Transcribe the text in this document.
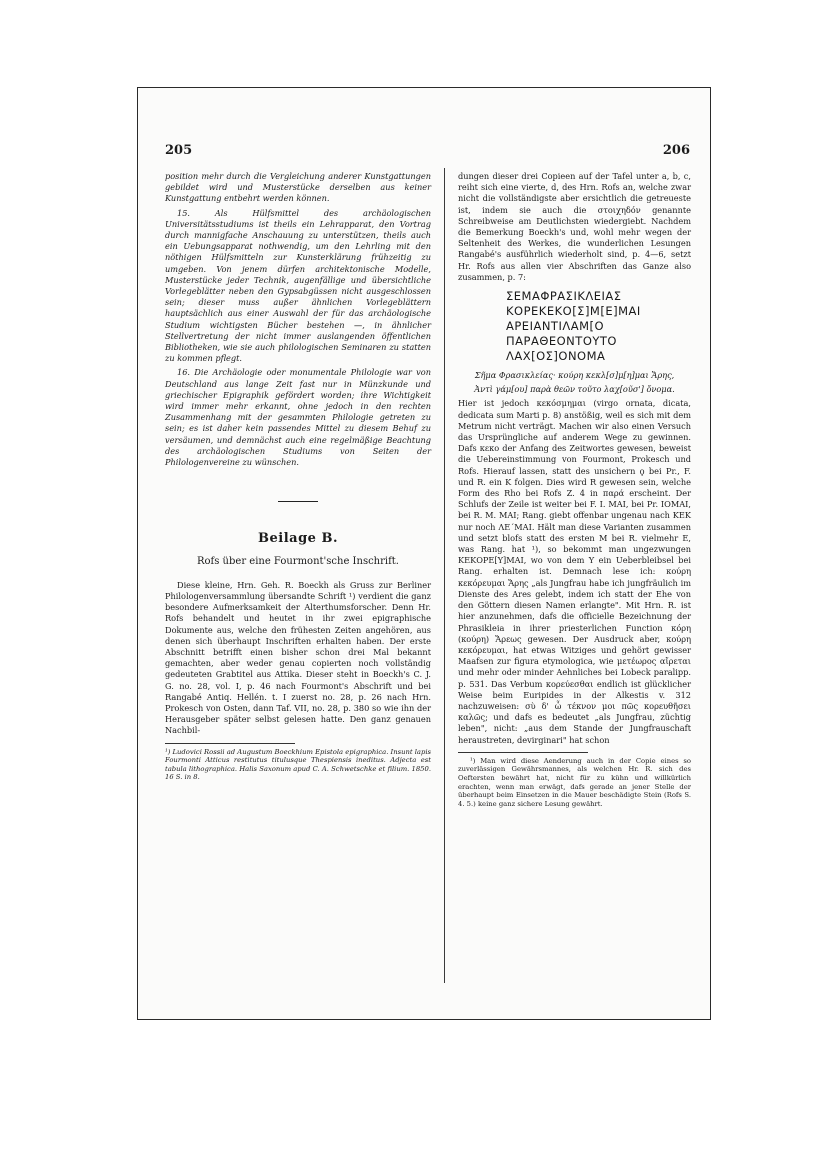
205	206

position mehr durch die Vergleichung anderer Kunstgattungen gebildet wird und Musterstücke derselben aus keiner Kunstgattung entbehrt werden können.

15. Als Hülfsmittel des archäologischen Universitätsstudiums ist theils ein Lehrapparat, den Vortrag durch mannigfache Anschauung zu unterstützen, theils auch ein Uebungsapparat nothwendig, um den Lehrling mit den nöthigen Hülfsmitteln zur Kunsterklärung frühzeitig zu umgeben. Von jenem dürfen architektonische Modelle, Musterstücke jeder Technik, augenfällige und übersichtliche Vorlegeblätter neben den Gypsabgüssen nicht ausgeschlossen sein; dieser muss außer ähnlichen Vorlegeblättern hauptsächlich aus einer Auswahl der für das archäologische Studium wichtigsten Bücher bestehen —, in ähnlicher Stellvertretung der nicht immer auslangenden öffentlichen Bibliotheken, wie sie auch philologischen Seminaren zu statten zu kommen pflegt.

16. Die Archäologie oder monumentale Philologie war von Deutschland aus lange Zeit fast nur in Münzkunde und griechischer Epigraphik gefördert worden; ihre Wichtigkeit wird immer mehr erkannt, ohne jedoch in den rechten Zusammenhang mit der gesammten Philologie getreten zu sein; es ist daher kein passendes Mittel zu diesem Behuf zu versäumen, und demnächst auch eine regelmäßige Beachtung des archäologischen Studiums von Seiten der Philologenvereine zu wünschen.

Beilage B.
Rofs über eine Fourmont'sche Inschrift.

Diese kleine, Hrn. Geh. R. Boeckh als Gruss zur Berliner Philologenversammlung übersandte Schrift ¹) verdient die ganz besondere Aufmerksamkeit der Alterthumsforscher. Denn Hr. Rofs behandelt und heutet in ihr zwei epigraphische Dokumente aus, welche den frühesten Zeiten angehören, aus denen sich überhaupt Inschriften erhalten haben. Der erste Abschnitt betrifft einen bisher schon drei Mal bekannt gemachten, aber weder genau copierten noch vollständig gedeuteten Grabtitel aus Attika. Dieser steht in Boeckh's C. J. G. no. 28, vol. I, p. 46 nach Fourmont's Abschrift und bei Rangabé Antiq. Hellén. t. I zuerst no. 28, p. 26 nach Hrn. Prokesch von Osten, dann Taf. VII, no. 28, p. 380 so wie ihn der Herausgeber später selbst gelesen hatte. Den ganz genauen Nachbil-

¹) Ludovici Rossii ad Augustum Boeckhium Epistola epigraphica. Insunt lapis Fourmonti Atticus restitutus titulusque Thespiensis ineditus. Adjecta est tabula lithographica. Halis Saxonum apud C. A. Schwetschke et filium. 1850. 16 S. in 8.

dungen dieser drei Copieen auf der Tafel unter a, b, c, reiht sich eine vierte, d, des Hrn. Rofs an, welche zwar nicht die vollständigste aber ersichtlich die getreueste ist, indem sie auch die στοιχηδόν genannte Schreibweise am Deutlichsten wiedergiebt. Nachdem die Bemerkung Boeckh's und, wohl mehr wegen der Seltenheit des Werkes, die wunderlichen Lesungen Rangabé's ausführlich wiederholt sind, p. 4—6, setzt Hr. Rofs aus allen vier Abschriften das Ganze also zusammen, p. 7:

ΣΕΜΑΦΡΑΣΙΚΛΕΙΑΣ
ΚΟΡΕΚΕΚΟ[Σ]Μ[Ε]ΜΑΙ
ΑΡΕΙΑΝΤΙΛΑΜ[Ο
ΠΑΡΑΘΕΟΝΤΟΥΤΟ
ΛΑΧ[ΟΣ]ΟΝΟΜΑ
Σῆμα Φρασικλείας· κούρη κεκλ[σ]μ[η]μαι Ἄρης,
Ἀντὶ γάμ[ου] παρὰ θεῶν τοῦτο λαχ[οῦσ'] ὄνομα.

Hier ist jedoch κεκόσμημαι (virgo ornata, dicata, dedicata sum Marti p. 8) anstößig, weil es sich mit dem Metrum nicht verträgt. Machen wir also einen Versuch das Ursprüngliche auf anderem Wege zu gewinnen. Dafs κεκο der Anfang des Zeitwortes gewesen, beweist die Uebereinstimmung von Fourmont, Prokesch und Rofs. Hierauf lassen, statt des unsichern ϙ bei Pr., F. und R. ein K folgen. Dies wird R gewesen sein, welche Form des Rho bei Rofs Z. 4 in παρά erscheint. Der Schlufs der Zeile ist weiter bei F. Ι. ΜΑΙ, bei Pr. ΙΟΜΑΙ, bei R. Μ. ΜΑΙ; Rang. giebt offenbar ungenau nach ΚΕΚ nur noch ΛΕ´ΜΑΙ. Hält man diese Varianten zusammen und setzt blofs statt des ersten M bei R. vielmehr Ε, was Rang. hat ¹), so bekommt man ungezwungen ΚΕΚΟΡΕ[Υ]ΜΑΙ, wo von dem Y ein Ueberbleibsel bei Rang. erhalten ist. Demnach lese ich: κούρη κεκόρευμαι Ἄρης „als Jungfrau habe ich jungfräulich im Dienste des Ares gelebt, indem ich statt der Ehe von den Göttern diesen Namen erlangte". Mit Hrn. R. ist hier anzunehmen, dafs die officielle Bezeichnung der Phrasikleia in ihrer priesterlichen Function κόρη (κούρη) Ἄρεως gewesen. Der Ausdruck aber, κούρη κεκόρευμαι, hat etwas Witziges und gehört gewisser Maafsen zur figura etymologica, wie μετέωρος αἴρεται und mehr oder minder Aehnliches bei Lobeck paralipp. p. 531. Das Verbum κορεύεσθαι endlich ist glücklicher Weise beim Euripides in der Alkestis v. 312 nachzuweisen: σὺ δ' ὦ τέκνον μοι πῶς κορευθῆσει καλῶς; und dafs es bedeutet „als Jungfrau, züchtig leben", nicht: „aus dem Stande der Jungfrauschaft heraustreten, devirginari" hat schon

¹) Man wird diese Aenderung auch in der Copie eines so zuverlässigen Gewährsmannes, als welchen Hr. R. sich des Oeftersten bewährt hat, nicht für zu kühn und willkürlich erachten, wenn man erwägt, dafs gerade an jener Stelle der überhaupt beim Einsetzen in die Mauer beschädigte Stein (Rofs S. 4. 5.) keine ganz sichere Lesung gewährt.
